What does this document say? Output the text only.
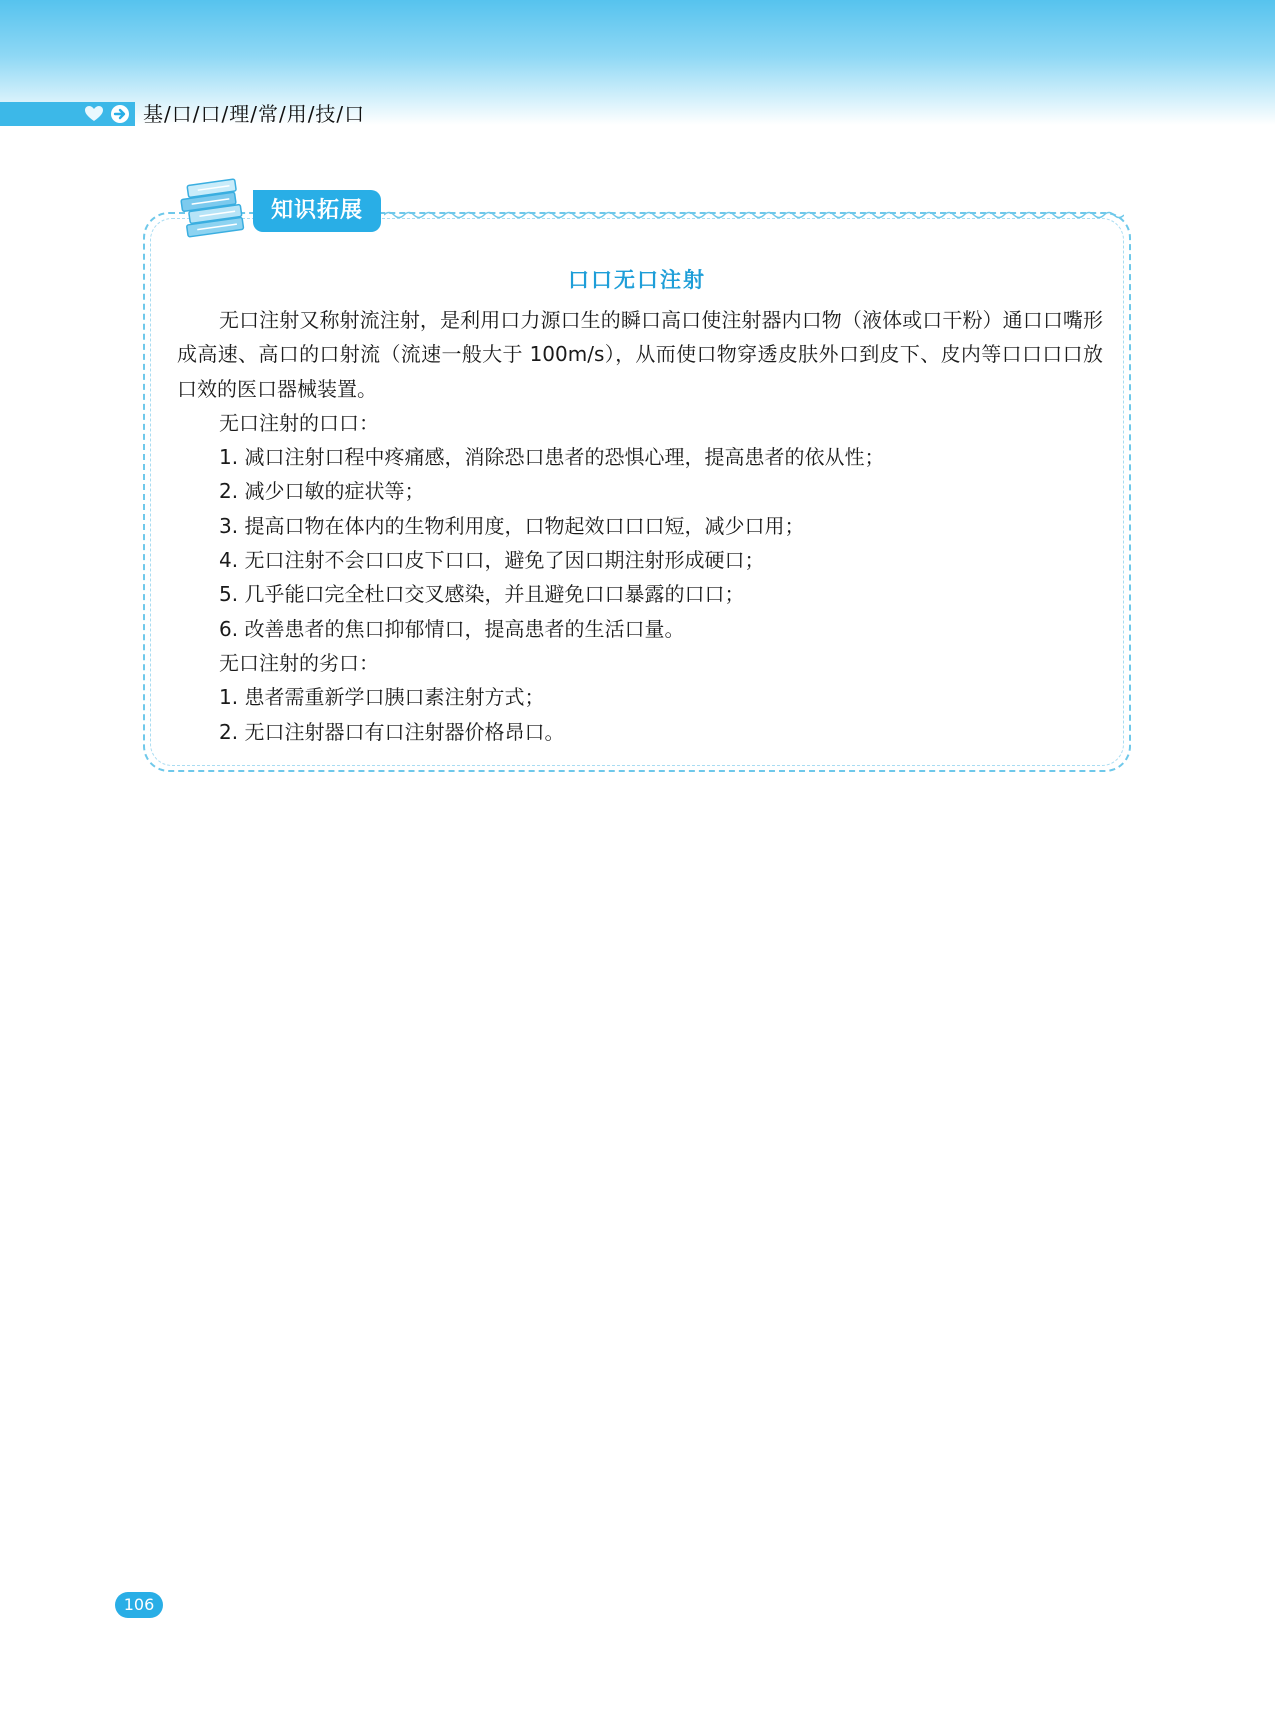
基/口/口/理/常/用/技/口
知识拓展
口口无口注射

无口注射又称射流注射，是利用口力源口生的瞬口高口使注射器内口物（液体或口干粉）通口口嘴形成高速、高口的口射流（流速一般大于 100m/s），从而使口物穿透皮肤外口到皮下、皮内等口口口口放口效的医口器械装置。

无口注射的口口：

1. 减口注射口程中疼痛感，消除恐口患者的恐惧心理，提高患者的依从性；

2. 减少口敏的症状等；

3. 提高口物在体内的生物利用度，口物起效口口口短，减少口用；

4. 无口注射不会口口皮下口口，避免了因口期注射形成硬口；

5. 几乎能口完全杜口交叉感染，并且避免口口暴露的口口；

6. 改善患者的焦口抑郁情口，提高患者的生活口量。

无口注射的劣口：

1. 患者需重新学口胰口素注射方式；

2. 无口注射器口有口注射器价格昂口。

106
